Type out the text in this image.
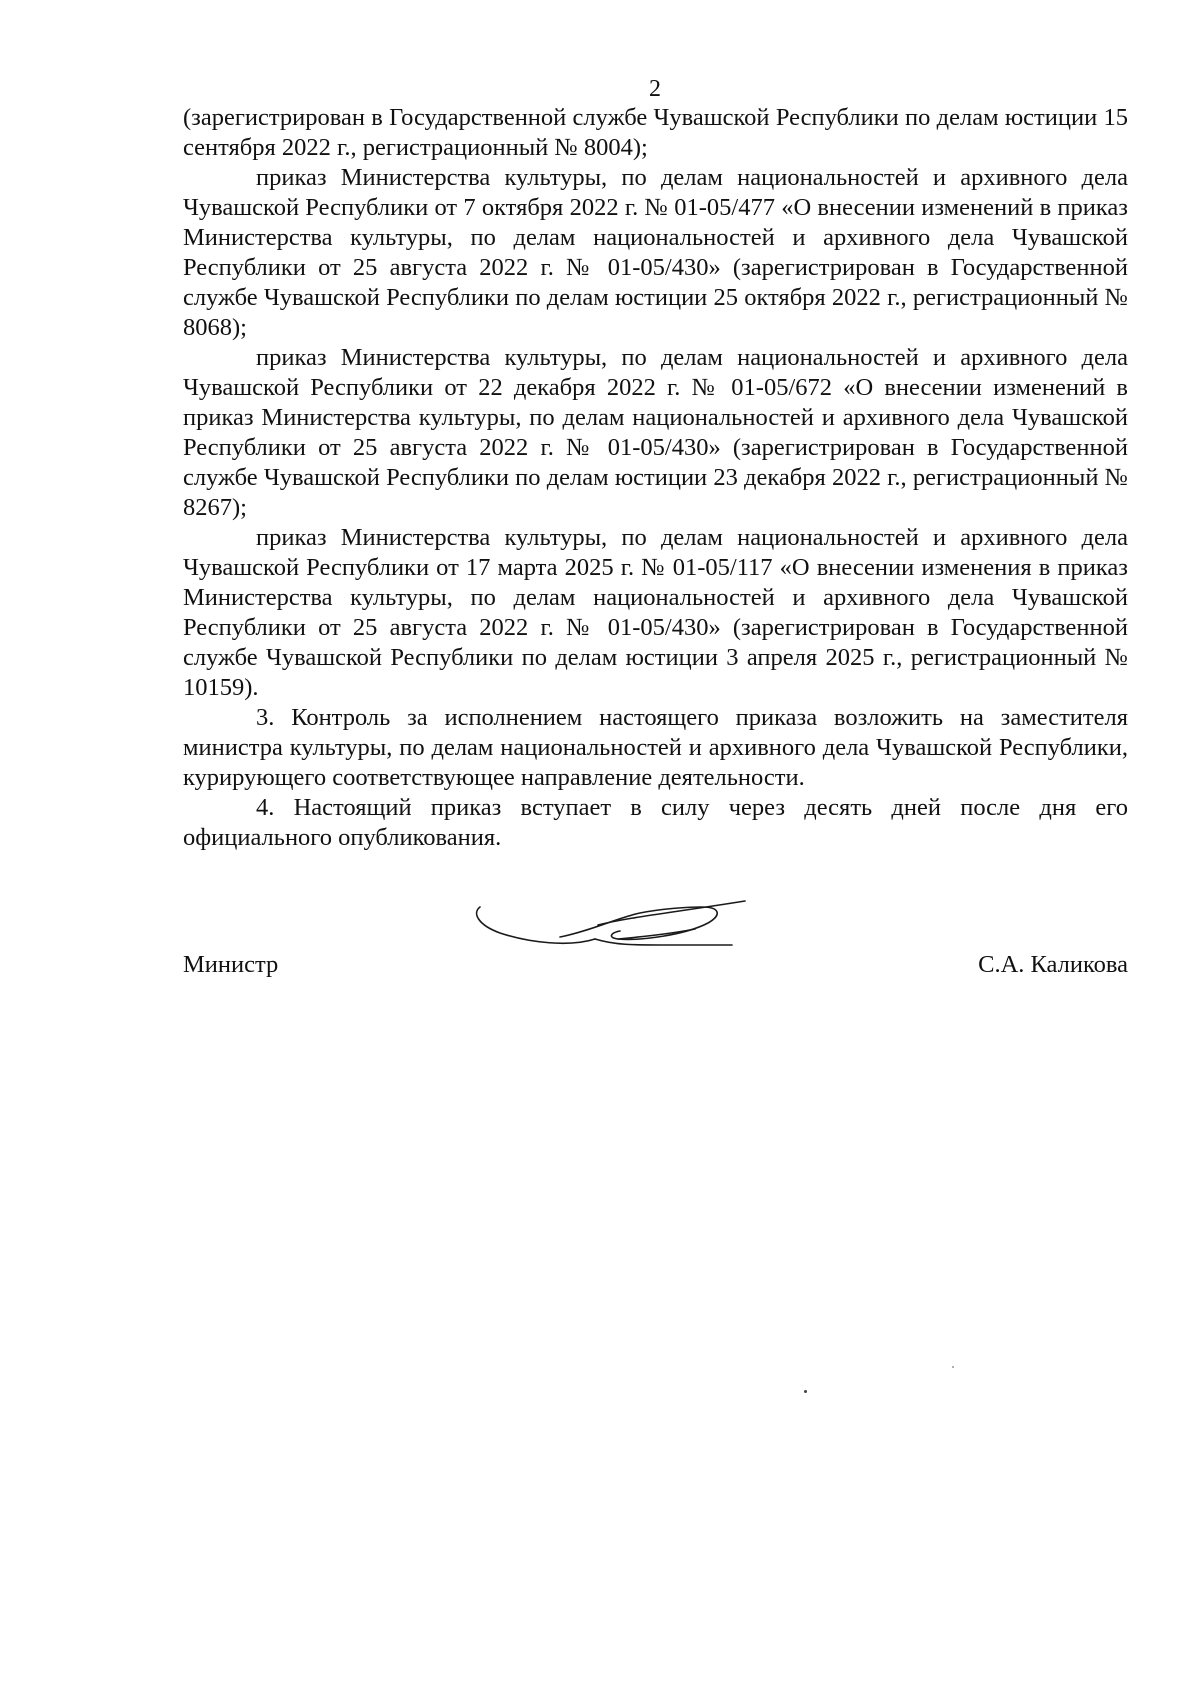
2

(зарегистрирован в Государственной службе Чувашской Республики по делам юстиции 15 сентября 2022 г., регистрационный № 8004);

приказ Министерства культуры, по делам национальностей и архивного дела Чувашской Республики от 7 октября 2022 г. № 01-05/477 «О внесении изменений в приказ Министерства культуры, по делам национальностей и архивного дела Чувашской Республики от 25 августа 2022 г. № 01-05/430» (зарегистрирован в Государственной службе Чувашской Республики по делам юстиции 25 октября 2022 г., регистрационный № 8068);

приказ Министерства культуры, по делам национальностей и архивного дела Чувашской Республики от 22 декабря 2022 г. № 01-05/672 «О внесении изменений в приказ Министерства культуры, по делам национальностей и архивного дела Чувашской Республики от 25 августа 2022 г. № 01-05/430» (зарегистрирован в Государственной службе Чувашской Республики по делам юстиции 23 декабря 2022 г., регистрационный № 8267);

приказ Министерства культуры, по делам национальностей и архивного дела Чувашской Республики от 17 марта 2025 г. № 01-05/117 «О внесении изменения в приказ Министерства культуры, по делам национальностей и архивного дела Чувашской Республики от 25 августа 2022 г. № 01-05/430» (зарегистрирован в Государственной службе Чувашской Республики по делам юстиции 3 апреля 2025 г., регистрационный № 10159).

3. Контроль за исполнением настоящего приказа возложить на заместителя министра культуры, по делам национальностей и архивного дела Чувашской Республики, курирующего соответствующее направление деятельности.

4. Настоящий приказ вступает в силу через десять дней после дня его официального опубликования.

Министр	С.А. Каликова
